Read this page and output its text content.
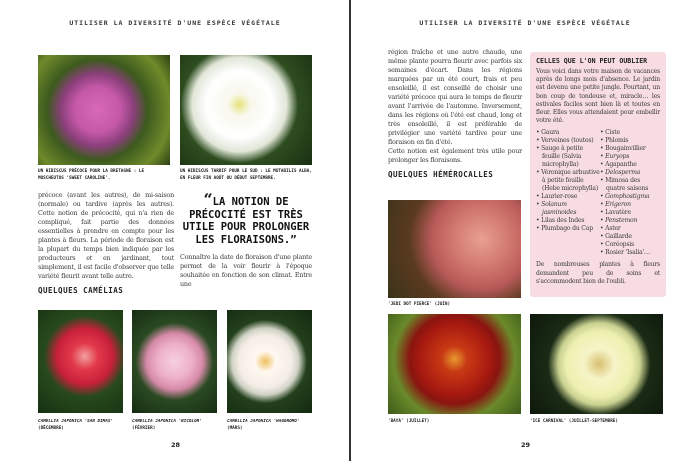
UTILISER LA DIVERSITÉ D'UNE ESPÈCE VÉGÉTALE	UTILISER LA DIVERSITÉ D'UNE ESPÈCE VÉGÉTALE
UN HIBISCUS PRÉCOCE POUR LA BRETAGNE : LE MOSCHEUTOS 'SWEET CAROLINE'.
UN HIBISCUS TARDIF POUR LE SUD : LE MUTABILIS ALBA, EN FLEUR FIN AOÛT OU DÉBUT SEPTEMBRE.
précoce (avant les autres), de mi-saison (normale) ou tardive (après les autres). Cette notion de précocité, qui n'a rien de compliqué, fait partie des données essentielles à prendre en compte pour les plantes à fleurs. La période de floraison est la plupart du temps bien indiquée par les producteurs et en jardinant, tout simplement, il est facile d'observer que telle variété fleurit avant telle autre.
QUELQUES CAMÉLIAS
“LA NOTION DE PRÉCOCITÉ EST TRÈS UTILE POUR PROLONGER LES FLORAISONS.”
Connaître la date de floraison d'une plante permet de la voir fleurir à l'époque souhaitée en fonction de son climat. Entre une
CAMELLIA JAPONICA 'SAN DIMAS'
(DÉCEMBRE)
CAMELLIA JAPONICA 'BICOLOR'
(FÉVRIER)
CAMELLIA JAPONICA 'HAGOROMO'
(MARS)
28
région fraîche et une autre chaude, une même plante pourra fleurir avec parfois six semaines d'écart. Dans les régions marquées par un été court, frais et peu ensoleillé, il est conseillé de choisir une variété précoce qui aura le temps de fleurir avant l'arrivée de l'automne. Inversement, dans les régions où l'été est chaud, long et très ensoleillé, il est préférable de privilégier une variété tardive pour une floraison en fin d'été.
Cette notion est également très utile pour prolonger les floraisons.
QUELQUES HÉMÉROCALLES
'JEDI DOT PIERCE' (JUIN)
CELLES QUE L'ON PEUT OUBLIER
Vous voici dans votre maison de vacances après de longs mois d'absence. Le jardin est devenu une petite jungle. Pourtant, un bon coup de tondeuse et, miracle… les estivales faciles sont bien là et toutes en fleur. Elles vous attendaient pour embellir votre été.
• Gaura
• Verveines (toutes)
• Sauge à petite feuille (Salvia microphylla)
• Véronique arbustive à petite feuille (Hebe microphylla)
• Laurier-rose
• Solanum jasminoides
• Lilas des Indes
• Plumbago du Cap
• Ciste
• Phlomis
• Bougainvillier
• Euryops
• Agapanthe
• Delosperma
• Mimosa des quatre saisons
• Gomphostigma
• Erigeron
• Lavatère
• Penstemon
• Aster
• Gaillarde
• Coréopsis
• Rosier 'Isalia'…
De nombreuses plantes à fleurs demandent peu de soins et s'accommodent bien de l'oubli.
'BAYA' (JUILLET)	'ICE CARNIVAL' (JUILLET-SEPTEMBRE)
29
